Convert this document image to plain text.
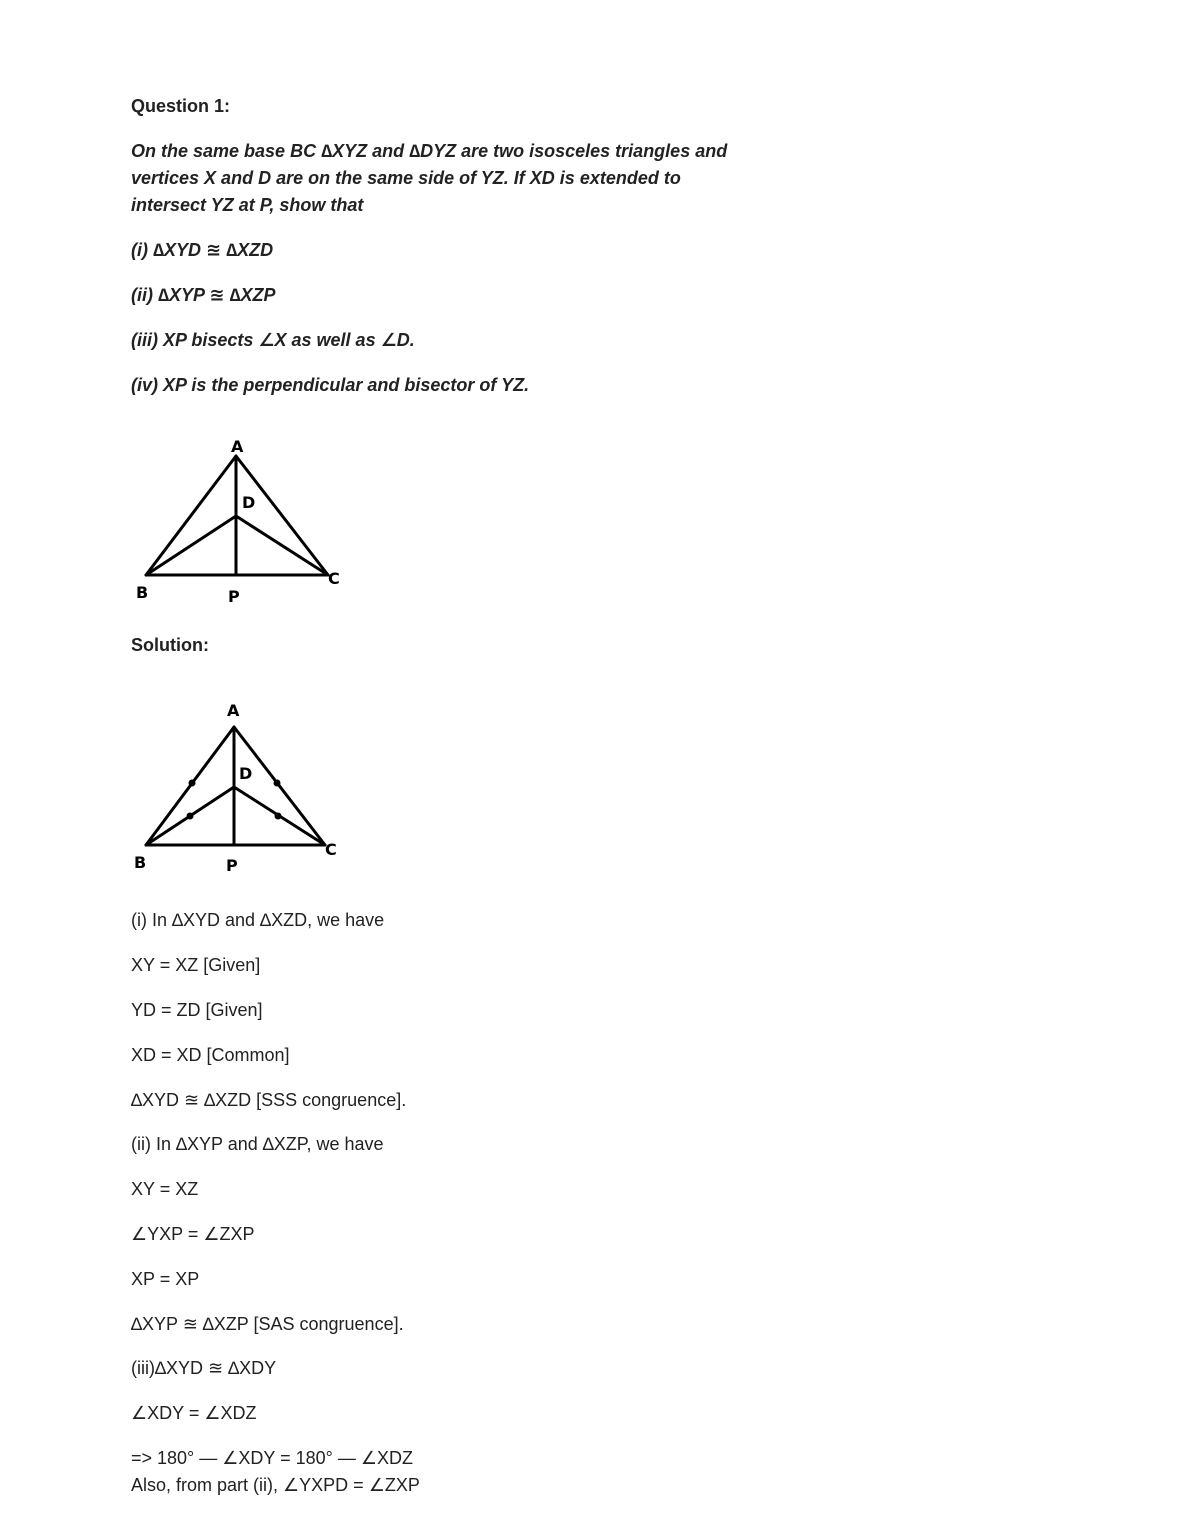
Question 1:
On the same base BC ∆XYZ and ∆DYZ are two isosceles triangles and
vertices X and D are on the same side of YZ. If XD is extended to
intersect YZ at P, show that
(i) ∆XYD ≊ ∆XZD
(ii) ∆XYP ≊ ∆XZP
(iii) XP bisects ∠X as well as ∠D.
(iv) XP is the perpendicular and bisector of YZ.
A
D
B
C
P
Solution:
A
D
B
C
P
(i) In ∆XYD and ∆XZD, we have
XY = XZ [Given]
YD = ZD [Given]
XD = XD [Common]
∆XYD ≊ ∆XZD [SSS congruence].
(ii) In ∆XYP and ∆XZP, we have
XY = XZ
∠YXP = ∠ZXP
XP = XP
∆XYP ≊ ∆XZP [SAS congruence].
(iii)∆XYD ≊ ∆XDY
∠XDY = ∠XDZ
=> 180° — ∠XDY = 180° — ∠XDZ
Also, from part (ii), ∠YXPD = ∠ZXP
